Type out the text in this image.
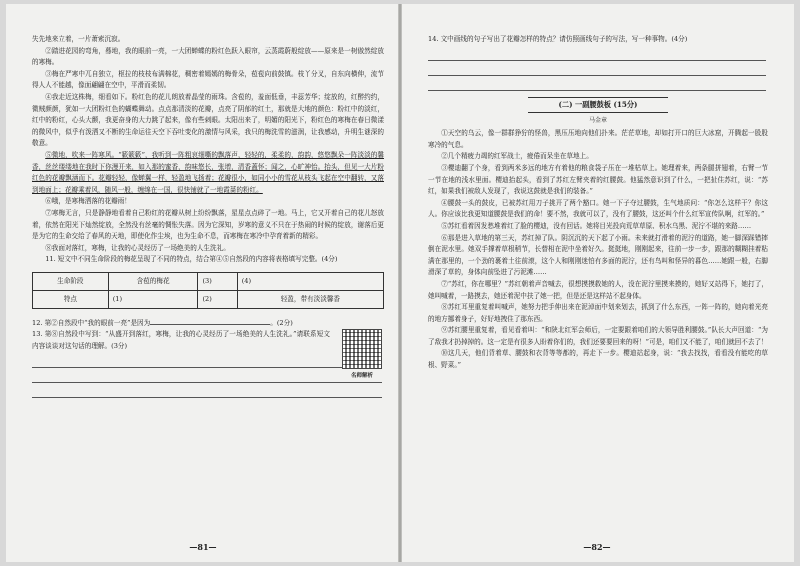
失先地来立着，一片萧索沉寂。

②踏进花园的弯角，蓦地，我的眼前一亮，一大团蝉蝶的粉红色跃入眼帘，云蒸霞蔚般绽放——原来是一树傲然绽放的寒梅。

③梅在严寒中兀自独立，枢拉的枝枝布满棉花，稠密着嫣嫣的梅骨朵，苞苞向前鼓镇。枝丫分叉，自东向横伸，流节得人人不能越，像面翩翩在空中，平滑而柔韧。

④我走近这株梅，细看如下。粉红色的花儿朗放着晶莹的雨珠。含苞的，羞面低垂，丰蕊芳华；绽放的，红醉约约，微贼颜颜，犹如一大团粉红色的蝴蝶舞动。点点那清淡的花瓣，点亮了阴郁的红土，那就是大地的颜色：粉红中的淡红，红中的粉红，心头大颤，我更奋身的大力跳了起来，像有些刺眼。太阳出来了，明媚的阳光下，粉红色的寒梅在春日微漾的微风中，似乎有泼洒又不断的生命运往天空下吞吐变化的激情与风采，我只的梅洗雪的滋润，让我感动，升明生谜深的敬意。

⑤微地，吹来一阵寒风。“簌簌簌”，我听到一阵粗哀细嘶的飘落声，轻轻的，柔柔的，韵韵，悠悠飘朵一阵淡淡的馨香，丝丝缕缕地在我时下你漫开来，如入那的蜜香，韵味悠长，张增，清香蓋怀；闻之，心旷神怡。抬头，但见一大片粉红色的花瓣飘涵而下。花瓣轻轻，像蝉翼一样，轻盈地飞扬着；花瓣很小，如同小小的雪花从枝头飞起在空中翻转，又落到地面上；花瓣乘着风，随风一般，缠绵在一国，很快铺就了一地霞蔷的粉红。

⑥哦，是寒梅洒落的花瓣雨！

⑦寒梅无言，只是静静地看着自己粉红的花瓣从树上纷纷飘落，星星点点碎了一地。马上，它又开着自己的花儿怒放着，依然在阳光下灿然绽放，全然没有丝毫的惆怅失落。因为它深知，岁寒的意义不只在于热闹的时候的绽放，谢落后更是为它的生命交给了春风的天地，即使化作尘埃，也为生命不息，而寒梅在寒冷中孕育着新的精彩。

⑧我面对落红，寒梅，让我的心灵经历了一场绝美的人生洗礼。

11. 短文中不同生命阶段的梅花呈现了不同的特点，结合第④⑤自然段的内容将表格填写完整。(4分)

生命阶段	含苞的梅花	(3)	(4)
特点	(1)	(2)	轻盈，带有淡淡馨香

12. 第②自然段中“我的眼前一亮”是因为	。(2分)

13. 第⑧自然段中写到：“从盛开到落红，寒梅，让我的心灵经历了一场绝美的人生洗礼。”请联系短文内容谈谈对这句话的理解。(3分)

名师解析
—81—

14. 文中画线的句子写出了花瓣怎样的特点？请仿照画线句子的写法，写一种事物。(4分)

(二) 一副腰鼓板 (15分)
马金章

①天空的乌云，像一群群狰狞的怪兽，黑压压地向他们扑来。茫茫草地，却如打开口的巨大冰窟，开腾起一股股寒冷的气息。

②几个精疲力竭的红军战士，疲倦而呆坐在草地上。

③樱迪翻了个身，看到两米多远的地方有着他的粮食袋子压在一堆枯草上。她理着来，两条腿拼翅着，右臂一节一节在地的浅水里面。樱迪抬起头，看到了苏红左臂夹着的红腰鼓。他猛然意识到了什么，一把扯住苏红，说：“苏红，如果我们被敌人发现了，我说这鼓就是我们的装备。”

④腰鼓一头的鼓皮，已被苏红用刀子挑开了两个豁口。她一下子夺过腰鼓，生气地质问：“你怎么这样干？你这人。你应该比我更知道腰鼓是我们的命！要不然，我就可以了，没有了腰鼓，这还叫个什么红军宣传队啊，红军的。”

⑤苏红看着因发愁堆着红了脸的樱迪，没有回话。她将目光投向荒草草原、积水乌黑、泥泞不堪的来路……

⑥那是进入草地的第三天，苏红掉了队。阴沉沉的天下起了小雨。未来就打滑着的泥泞的道路，她一脚深踩错摔倒在泥水里。她双手撑着草根稍节，长替相在泥中坐着好久。挺挺地，刚刚起来，往前一步一步，跟那的糊糊挂着粘满在那里的，一个劲的裹着土往前滚，这个人和刚刚迷怕有多面的泥泞，还有鸟叫和怪异的暮色……她跟一般，右脚滑深了草的，身体向前坠进了污泥滩……

⑦“苏红，你在哪里？”苏红朝着声音喊去，很想摸摸救她的人，没在泥泞里摸来摸的，她好又站得下，她打了，她叫喊着，一路摸去，她还着泥中扶了她一把，但是还是这样站不起身体。

⑧苏红耳里重复着叫喊声，她努力把手伸出来在泥淖面中划来划去，抓到了什么东西，一阵一阵的，她向着光亮的地方挪着身子，好好地拽住了那东西。

⑨苏红腰里重复着，看见看着叫：“和陕北红军会师后，一定要跟着咱们的大领导胜利腰鼓。”队长大声回道：“为了敌我才扔掉掉的。这一定是有很多人盼着你们的，我们还要要回来的呀！”可是，咱们又不能了，咱们就回不去了！

⑩这几天，他们背着草、腰鼓和衣背等等都的，再走下一步。樱迪站起身，说：“我去找找，看看没有能吃的草根、野菜。”

—82—
